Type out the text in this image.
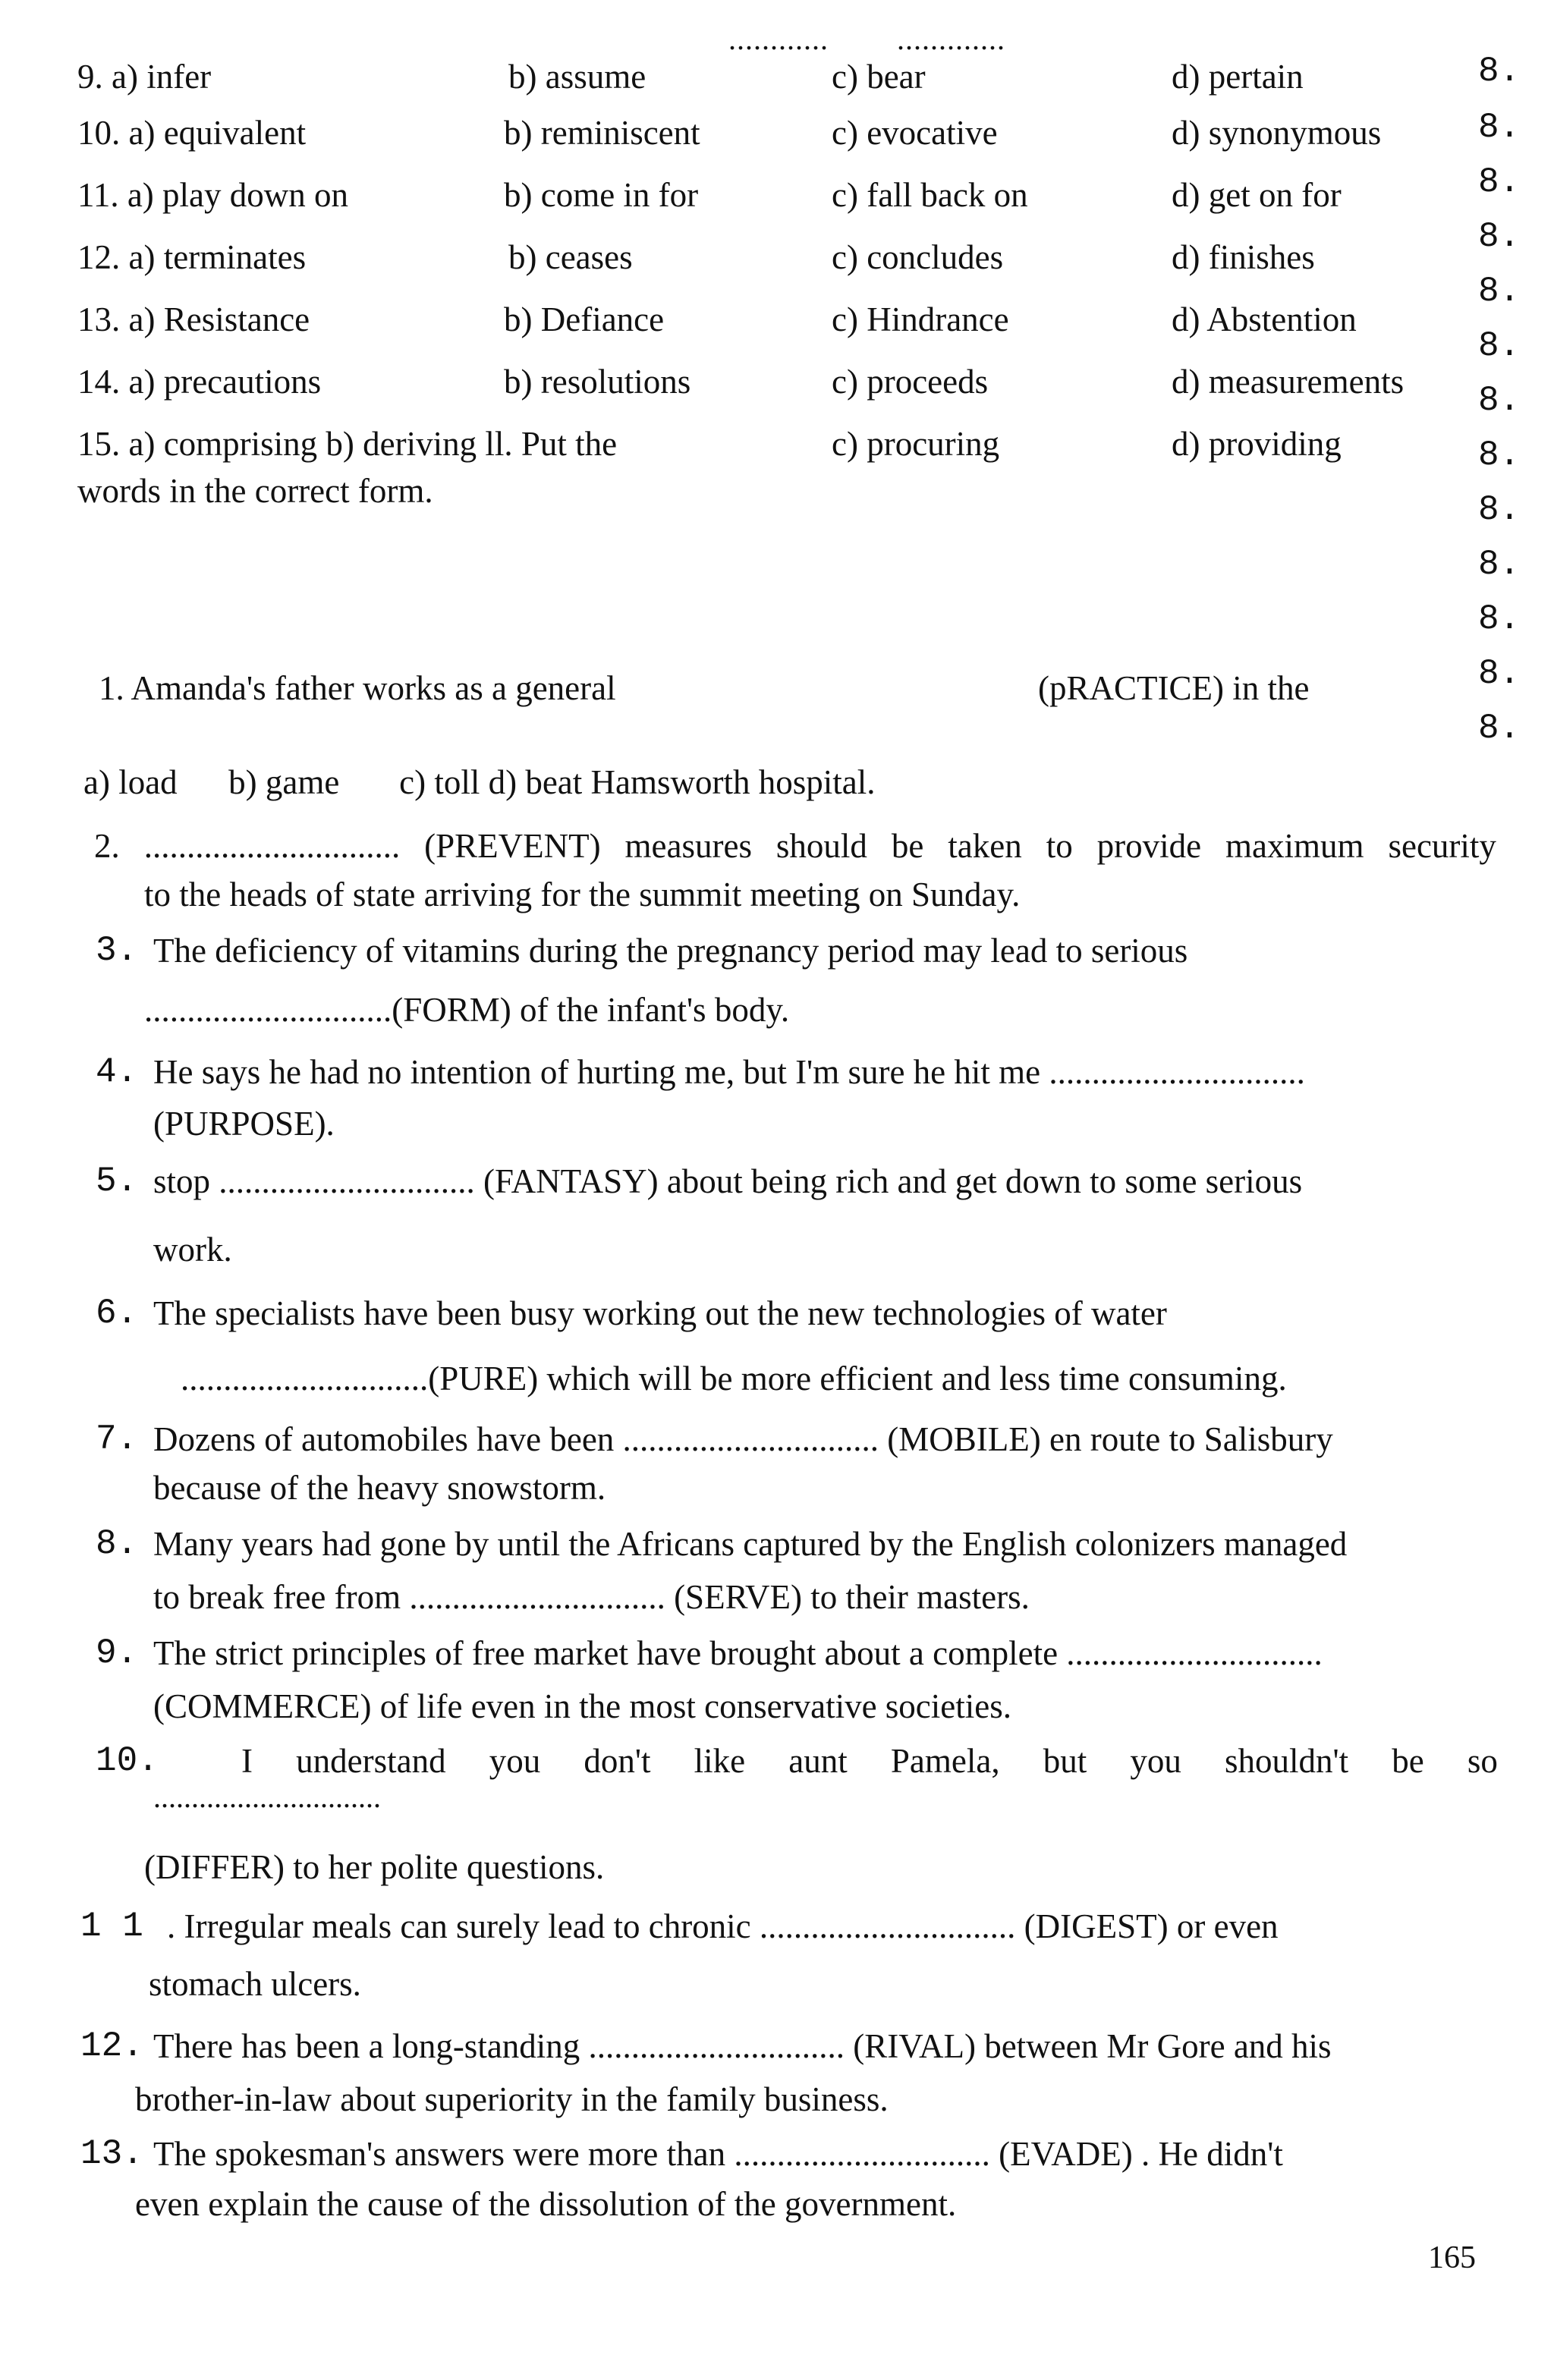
............ .............
9. a) infer	b) assume	c) bear	d) pertain
10. a) equivalent	b) reminiscent	c) evocative	d) synonymous
11. a) play down on	b) come in for	c) fall back on	d) get on for
12. a) terminates	b) ceases	c) concludes	d) finishes
13. a) Resistance	b) Defiance	c) Hindrance	d) Abstention
14. a) precautions	b) resolutions	c) proceeds	d) measurements
15. a) comprising b) deriving ll. Put the	c) procuring	d) providing
words in the correct form.
8.
8.
8.
8.
8.
8.
8.
8.
8.
8.
8.
8.
8.
1. Amanda's father works as a general	(pRACTICE) in the
a) load      b) game       c) toll d) beat Hamsworth hospital.
2. .............................. (PREVENT) measures should be taken to provide maximum security
to the heads of state arriving for the summit meeting on Sunday.
3. The deficiency of vitamins during the pregnancy period may lead to serious
.............................(FORM) of the infant's body.
4. He says he had no intention of hurting me, but I'm sure he hit me ..............................
(PURPOSE).
5. stop .............................. (FANTASY) about being rich and get down to some serious
work.
6. The specialists have been busy working out the new technologies of water
.............................(PURE) which will be more efficient and less time consuming.
7. Dozens of automobiles have been .............................. (MOBILE) en route to Salisbury
because of the heavy snowstorm.
8. Many years had gone by until the Africans captured by the English colonizers managed
to break free from .............................. (SERVE) to their masters.
9. The strict principles of free market have brought about a complete ..............................
(COMMERCE) of life even in the most conservative societies.
10. I understand you don't like aunt Pamela, but you shouldn't be so
..............................
(DIFFER) to her polite questions.
1 1 . Irregular meals can surely lead to chronic .............................. (DIGEST) or even
stomach ulcers.
12. There has been a long-standing .............................. (RIVAL) between Mr Gore and his
brother-in-law about superiority in the family business.
13. The spokesman's answers were more than .............................. (EVADE) . He didn't
even explain the cause of the dissolution of the government.
165
